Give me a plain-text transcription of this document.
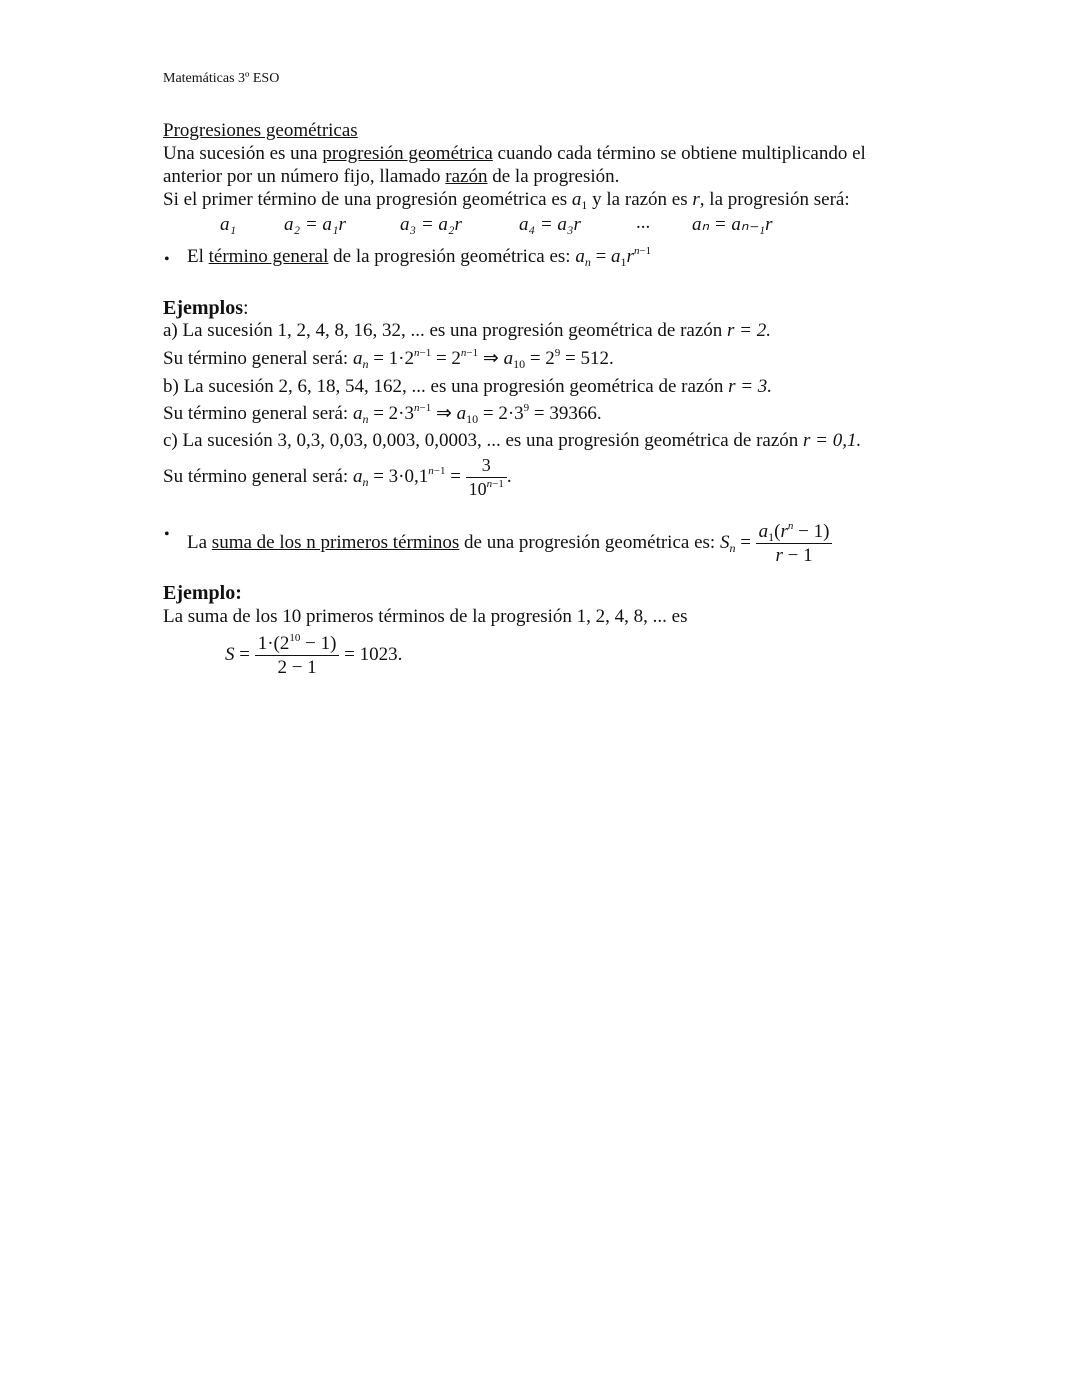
Matemáticas 3º ESO
Progresiones geométricas
Una sucesión es una progresión geométrica cuando cada término se obtiene multiplicando el
anterior por un número fijo, llamado razón de la progresión.
Si el primer término de una progresión geométrica es $a_1$ y la razón es r, la progresión será:
a₁	a₂ = a₁r	a₃ = a₂r	a₄ = a₃r	... aₙ = aₙ₋₁r
• El término general de la progresión geométrica es: $a_n = a_1r^{n-1}$
Ejemplos:
a) La sucesión 1, 2, 4, 8, 16, 32, ... es una progresión geométrica de razón r = 2.
Su término general será: $a_n = 1\cdot 2^{n-1} = 2^{n-1}$ ⇒ $a_{10} = 2^9 = 512$.
b) La sucesión 2, 6, 18, 54, 162, ... es una progresión geométrica de razón r = 3.
Su término general será: $a_n = 2\cdot 3^{n-1}$ ⇒ $a_{10} = 2\cdot 3^9 = 39366$.
c) La sucesión 3, 0,3, 0,03, 0,003, 0,0003, ... es una progresión geométrica de razón r = 0,1.
Su término general será: $a_n = 3\cdot 0,1^{n-1} = \frac{3}{10^{n-1}}$ .
• La suma de los n primeros términos de una progresión geométrica es: $S_n = \frac{a_1(r^n - 1)}{r - 1}$
Ejemplo:
La suma de los 10 primeros términos de la progresión 1, 2, 4, 8, ... es
$S = \frac{1\cdot(2^{10} - 1)}{2 - 1} = 1023$.
